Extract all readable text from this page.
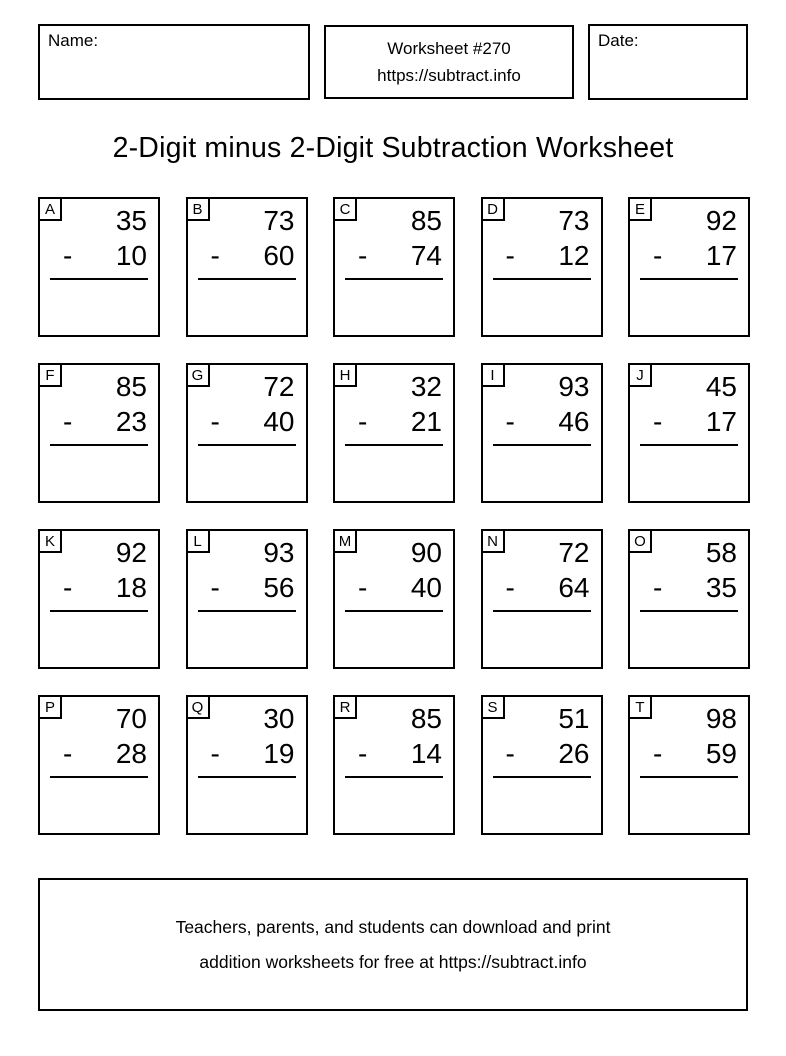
Name:	Worksheet #270
https://subtract.info
Date:
2-Digit minus 2-Digit Subtraction Worksheet
A	35
- 10
B	73
- 60
C	85
- 74
D	73
- 12
E	92
- 17
F	85
- 23
G	72
- 40
H	32
- 21
I	93
- 46
J	45
- 17
K	92
- 18
L	93
- 56
M	90
- 40
N	72
- 64
O	58
- 35
P	70
- 28
Q	30
- 19
R	85
- 14
S	51
- 26
T	98
- 59
Teachers, parents, and students can download and print
addition worksheets for free at https://subtract.info
